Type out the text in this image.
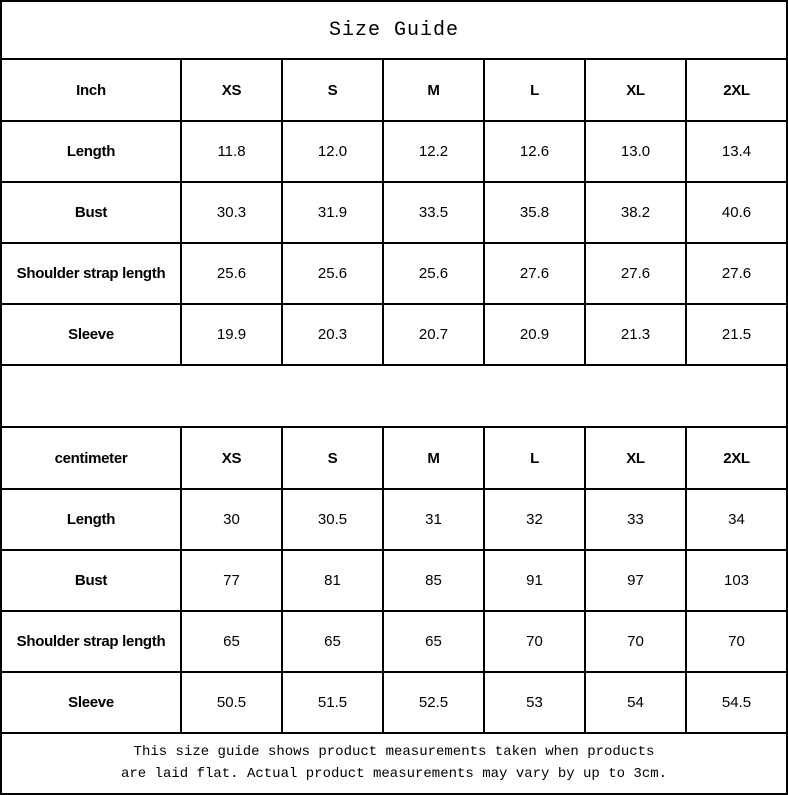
Size Guide
Inch	XS	S	M	L	XL	2XL
Length	11.8	12.0	12.2	12.6	13.0	13.4
Bust	30.3	31.9	33.5	35.8	38.2	40.6
Shoulder strap length	25.6	25.6	25.6	27.6	27.6	27.6
Sleeve	19.9	20.3	20.7	20.9	21.3	21.5
centimeter	XS	S	M	L	XL	2XL
Length	30	30.5	31	32	33	34
Bust	77	81	85	91	97	103
Shoulder strap length	65	65	65	70	70	70
Sleeve	50.5	51.5	52.5	53	54	54.5
This size guide shows product measurements taken when products
are laid flat. Actual product measurements may vary by up to 3cm.
